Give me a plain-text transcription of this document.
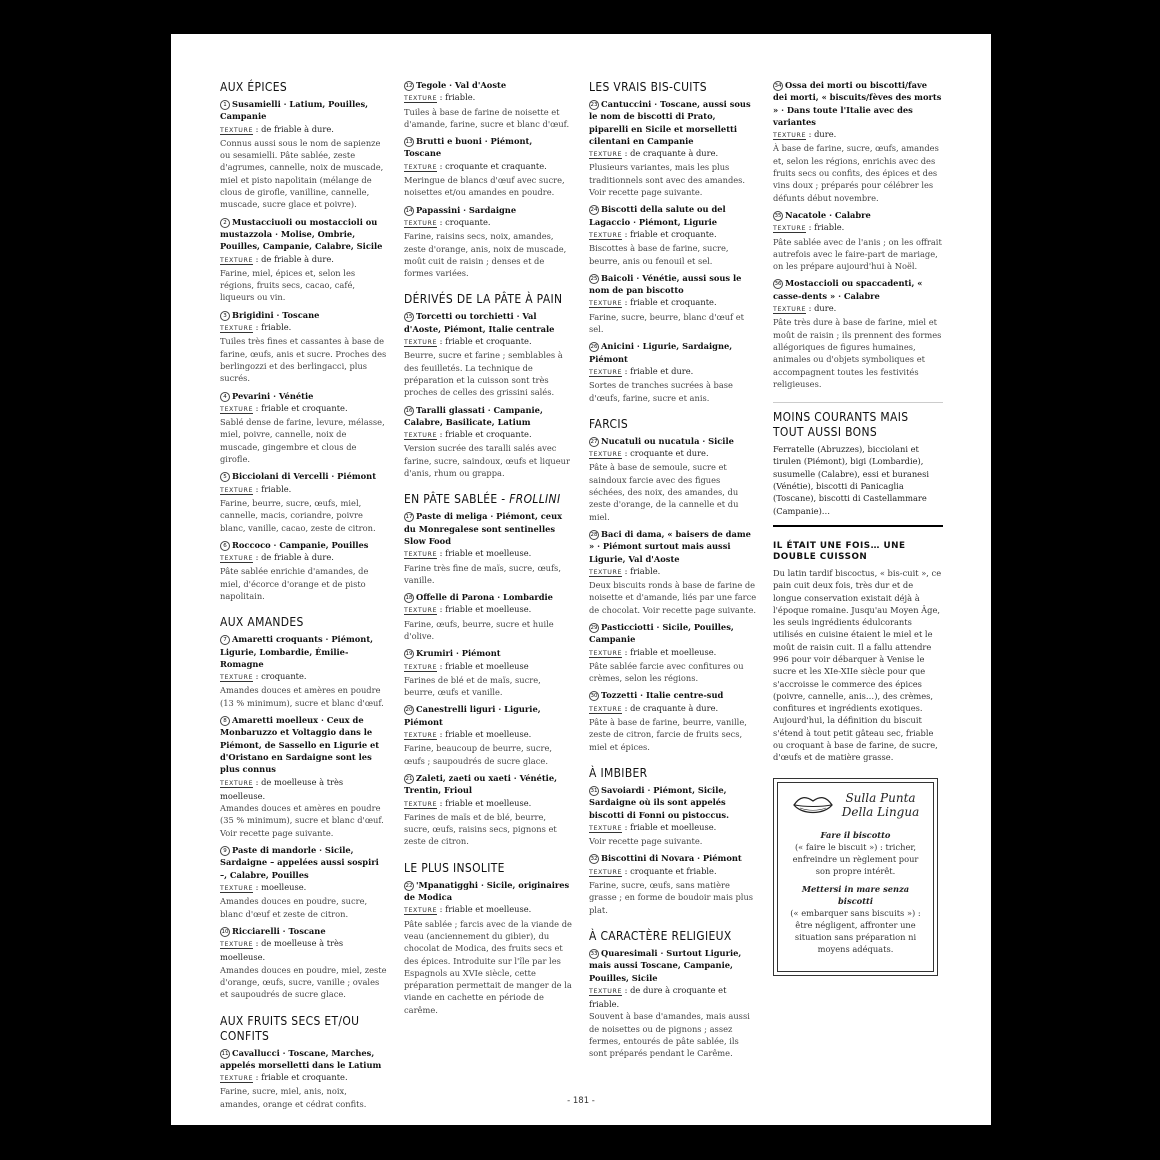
AUX ÉPICES
1 Susamielli · Latium, Pouilles, Campanie
TEXTURE : de friable à dure.
Connus aussi sous le nom de sapienze ou sesamielli. Pâte sablée, zeste d'agrumes, cannelle, noix de muscade, miel et pisto napolitain (mélange de clous de girofle, vanilline, cannelle, muscade, sucre glace et poivre).
2 Mustacciuoli ou mostaccioli ou mustazzola · Molise, Ombrie, Pouilles, Campanie, Calabre, Sicile
TEXTURE : de friable à dure.
Farine, miel, épices et, selon les régions, fruits secs, cacao, café, liqueurs ou vin.
3 Brigidini · Toscane
TEXTURE : friable.
Tuiles très fines et cassantes à base de farine, œufs, anis et sucre. Proches des berlingozzi et des berlingacci, plus sucrés.
4 Pevarini · Vénétie
TEXTURE : friable et croquante.
Sablé dense de farine, levure, mélasse, miel, poivre, cannelle, noix de muscade, gingembre et clous de girofle.
5 Bicciolani di Vercelli · Piémont
TEXTURE : friable.
Farine, beurre, sucre, œufs, miel, cannelle, macis, coriandre, poivre blanc, vanille, cacao, zeste de citron.
6 Roccoco · Campanie, Pouilles
TEXTURE : de friable à dure.
Pâte sablée enrichie d'amandes, de miel, d'écorce d'orange et de pisto napolitain.
AUX AMANDES
7 Amaretti croquants · Piémont, Ligurie, Lombardie, Émilie-Romagne
TEXTURE : croquante.
Amandes douces et amères en poudre (13 % minimum), sucre et blanc d'œuf.
8 Amaretti moelleux · Ceux de Monbaruzzo et Voltaggio dans le Piémont, de Sassello en Ligurie et d'Oristano en Sardaigne sont les plus connus
TEXTURE : de moelleuse à très moelleuse.
Amandes douces et amères en poudre (35 % minimum), sucre et blanc d'œuf. Voir recette page suivante.
9 Paste di mandorle · Sicile, Sardaigne – appelées aussi sospiri –, Calabre, Pouilles
TEXTURE : moelleuse.
Amandes douces en poudre, sucre, blanc d'œuf et zeste de citron.
10 Ricciarelli · Toscane
TEXTURE : de moelleuse à très moelleuse.
Amandes douces en poudre, miel, zeste d'orange, œufs, sucre, vanille ; ovales et saupoudrés de sucre glace.
AUX FRUITS SECS ET/OU CONFITS
11 Cavallucci · Toscane, Marches, appelés morselletti dans le Latium
TEXTURE : friable et croquante.
Farine, sucre, miel, anis, noix, amandes, orange et cédrat confits.
12 Tegole · Val d'Aoste
TEXTURE : friable.
Tuiles à base de farine de noisette et d'amande, farine, sucre et blanc d'œuf.
13 Brutti e buoni · Piémont, Toscane
TEXTURE : croquante et craquante.
Meringue de blancs d'œuf avec sucre, noisettes et/ou amandes en poudre.
14 Papassini · Sardaigne
TEXTURE : croquante.
Farine, raisins secs, noix, amandes, zeste d'orange, anis, noix de muscade, moût cuit de raisin ; denses et de formes variées.
DÉRIVÉS DE LA PÂTE À PAIN
15 Torcetti ou torchietti · Val d'Aoste, Piémont, Italie centrale
TEXTURE : friable et croquante.
Beurre, sucre et farine ; semblables à des feuilletés. La technique de préparation et la cuisson sont très proches de celles des grissini salés.
16 Taralli glassati · Campanie, Calabre, Basilicate, Latium
TEXTURE : friable et croquante.
Version sucrée des taralli salés avec farine, sucre, saindoux, œufs et liqueur d'anis, rhum ou grappa.
EN PÂTE SABLÉE - FROLLINI
17 Paste di meliga · Piémont, ceux du Monregalese sont sentinelles Slow Food
TEXTURE : friable et moelleuse.
Farine très fine de maïs, sucre, œufs, vanille.
18 Offelle di Parona · Lombardie
TEXTURE : friable et moelleuse.
Farine, œufs, beurre, sucre et huile d'olive.
19 Krumiri · Piémont
TEXTURE : friable et moelleuse
Farines de blé et de maïs, sucre, beurre, œufs et vanille.
20 Canestrelli liguri · Ligurie, Piémont
TEXTURE : friable et moelleuse.
Farine, beaucoup de beurre, sucre, œufs ; saupoudrés de sucre glace.
21 Zaleti, zaeti ou xaeti · Vénétie, Trentin, Frioul
TEXTURE : friable et moelleuse.
Farines de maïs et de blé, beurre, sucre, œufs, raisins secs, pignons et zeste de citron.
LE PLUS INSOLITE
22 'Mpanatigghi · Sicile, originaires de Modica
TEXTURE : friable et moelleuse.
Pâte sablée ; farcis avec de la viande de veau (anciennement du gibier), du chocolat de Modica, des fruits secs et des épices. Introduite sur l'île par les Espagnols au XVIe siècle, cette préparation permettait de manger de la viande en cachette en période de carême.
LES VRAIS BIS-CUITS
23 Cantuccini · Toscane, aussi sous le nom de biscotti di Prato, piparelli en Sicile et morselletti cilentani en Campanie
TEXTURE : de craquante à dure.
Plusieurs variantes, mais les plus traditionnels sont avec des amandes. Voir recette page suivante.
24 Biscotti della salute ou del Lagaccio · Piémont, Ligurie
TEXTURE : friable et croquante.
Biscottes à base de farine, sucre, beurre, anis ou fenouil et sel.
25 Baicoli · Vénétie, aussi sous le nom de pan biscotto
TEXTURE : friable et croquante.
Farine, sucre, beurre, blanc d'œuf et sel.
26 Anicini · Ligurie, Sardaigne, Piémont
TEXTURE : friable et dure.
Sortes de tranches sucrées à base d'œufs, farine, sucre et anis.
FARCIS
27 Nucatuli ou nucatula · Sicile
TEXTURE : croquante et dure.
Pâte à base de semoule, sucre et saindoux farcie avec des figues séchées, des noix, des amandes, du zeste d'orange, de la cannelle et du miel.
28 Baci di dama, « baisers de dame » · Piémont surtout mais aussi Ligurie, Val d'Aoste
TEXTURE : friable.
Deux biscuits ronds à base de farine de noisette et d'amande, liés par une farce de chocolat. Voir recette page suivante.
29 Pasticciotti · Sicile, Pouilles, Campanie
TEXTURE : friable et moelleuse.
Pâte sablée farcie avec confitures ou crèmes, selon les régions.
30 Tozzetti · Italie centre-sud
TEXTURE : de craquante à dure.
Pâte à base de farine, beurre, vanille, zeste de citron, farcie de fruits secs, miel et épices.
À IMBIBER
31 Savoiardi · Piémont, Sicile, Sardaigne où ils sont appelés biscotti di Fonni ou pistoccus.
TEXTURE : friable et moelleuse.
Voir recette page suivante.
32 Biscottini di Novara · Piémont
TEXTURE : croquante et friable.
Farine, sucre, œufs, sans matière grasse ; en forme de boudoir mais plus plat.
À CARACTÈRE RELIGIEUX
33 Quaresimali · Surtout Ligurie, mais aussi Toscane, Campanie, Pouilles, Sicile
TEXTURE : de dure à croquante et friable.
Souvent à base d'amandes, mais aussi de noisettes ou de pignons ; assez fermes, entourés de pâte sablée, ils sont préparés pendant le Carême.
34 Ossa dei morti ou biscotti/fave dei morti, « biscuits/fèves des morts » · Dans toute l'Italie avec des variantes
TEXTURE : dure.
À base de farine, sucre, œufs, amandes et, selon les régions, enrichis avec des fruits secs ou confits, des épices et des vins doux ; préparés pour célébrer les défunts début novembre.
35 Nacatole · Calabre
TEXTURE : friable.
Pâte sablée avec de l'anis ; on les offrait autrefois avec le faire-part de mariage, on les prépare aujourd'hui à Noël.
36 Mostaccioli ou spaccadenti, « casse-dents » · Calabre
TEXTURE : dure.
Pâte très dure à base de farine, miel et moût de raisin ; ils prennent des formes allégoriques de figures humaines, animales ou d'objets symboliques et accompagnent toutes les festivités religieuses.
MOINS COURANTS MAIS TOUT AUSSI BONS

Ferratelle (Abruzzes), bicciolani et tirulen (Piémont), bigi (Lombardie), susumelle (Calabre), essi et buranesi (Vénétie), biscotti di Panicaglia (Toscane), biscotti di Castellammare (Campanie)…

IL ÉTAIT UNE FOIS… UNE DOUBLE CUISSON

Du latin tardif biscoctus, « bis-cuit », ce pain cuit deux fois, très dur et de longue conservation existait déjà à l'époque romaine. Jusqu'au Moyen Âge, les seuls ingrédients édulcorants utilisés en cuisine étaient le miel et le moût de raisin cuit. Il a fallu attendre 996 pour voir débarquer à Venise le sucre et les XIe-XIIe siècle pour que s'accroisse le commerce des épices (poivre, cannelle, anis…), des crèmes, confitures et ingrédients exotiques. Aujourd'hui, la définition du biscuit s'étend à tout petit gâteau sec, friable ou croquant à base de farine, de sucre, d'œufs et de matière grasse.

Sulla Punta
Della Lingua
Fare il biscotto
(« faire le biscuit ») : tricher, enfreindre un règlement pour son propre intérêt.
Mettersi in mare senza biscotti
(« embarquer sans biscuits ») : être négligent, affronter une situation sans préparation ni moyens adéquats.
- 181 -
